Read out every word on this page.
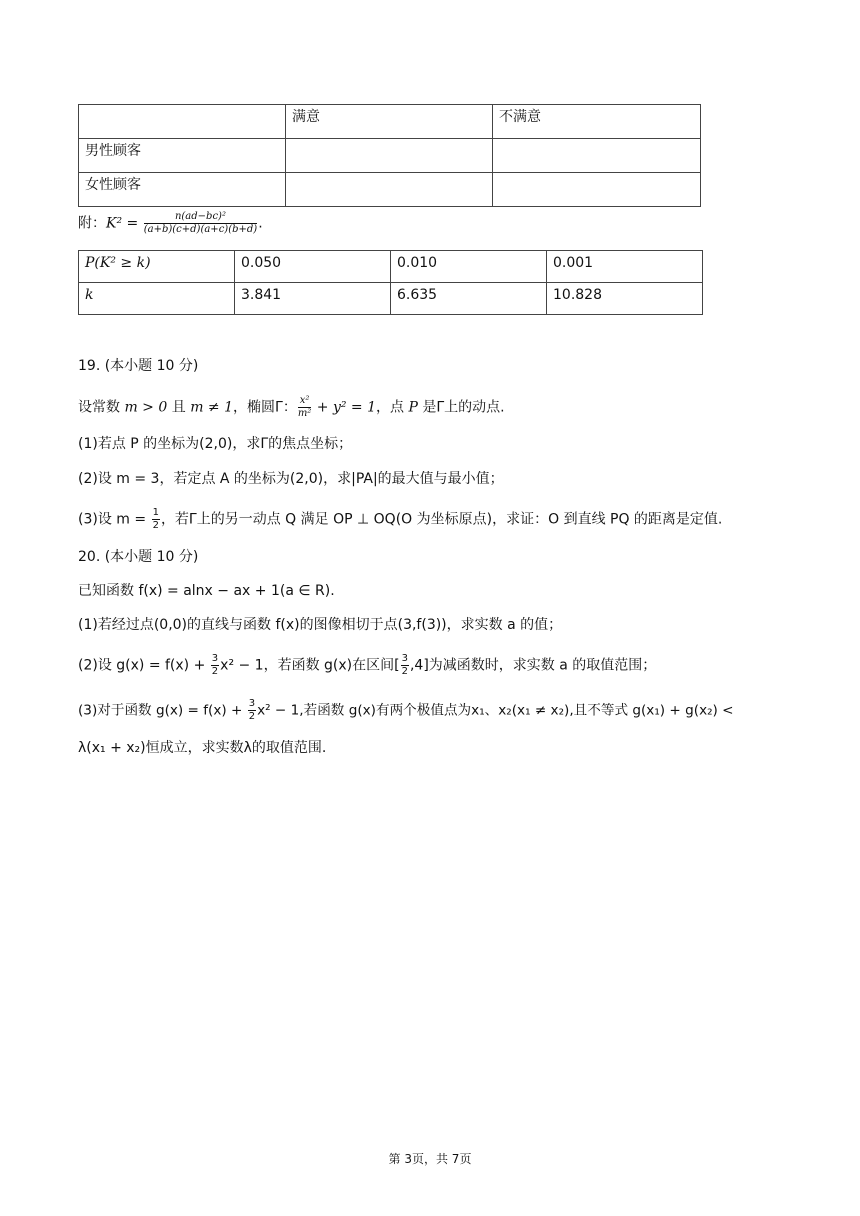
	满意	不满意
男性顾客		
女性顾客		
附：$K^2 = \frac{\text{n(ad−bc)²}}{(a+b)(c+d)(a+c)(b+d)}$ .
P(K² ≥ k)	0.050	0.010	0.001
k	3.841	6.635	10.828
19. (本小题 10 分)
设常数 m > 0 且 m ≠ 1，椭圆Γ： $\frac{\text{x²}}{\text{m²}} + y^2 = 1$，点 P 是Γ上的动点.
(1)若点 P 的坐标为(2,0)，求Γ的焦点坐标；
(2)设 m = 3，若定点 A 的坐标为(2,0)，求|PA|的最大值与最小值；
(3)设 $m = \frac{1}{2}$ ，若Γ上的另一动点 Q 满足 OP ⊥ OQ(O 为坐标原点)，求证：O 到直线 PQ 的距离是定值.
20. (本小题 10 分)
已知函数 f(x) = alnx − ax + 1(a ∈ R).
(1)若经过点(0,0)的直线与函数 f(x)的图像相切于点(3,f(3))，求实数 a 的值；
(2)设 $g(x) = f(x) + \frac{3}{2} x^2 - 1$，若函数 g(x)在区间[ $\frac{3}{2} ,4$]为减函数时，求实数 a 的取值范围；
(3)对于函数 $g(x) = f(x) + \frac{3}{2} x^2 - 1$,若函数 g(x)有两个极值点为x₁、x₂(x₁ ≠ x₂),且不等式 g(x₁) + g(x₂) <
λ(x₁ + x₂)恒成立，求实数λ的取值范围.
第 3页，共 7页
